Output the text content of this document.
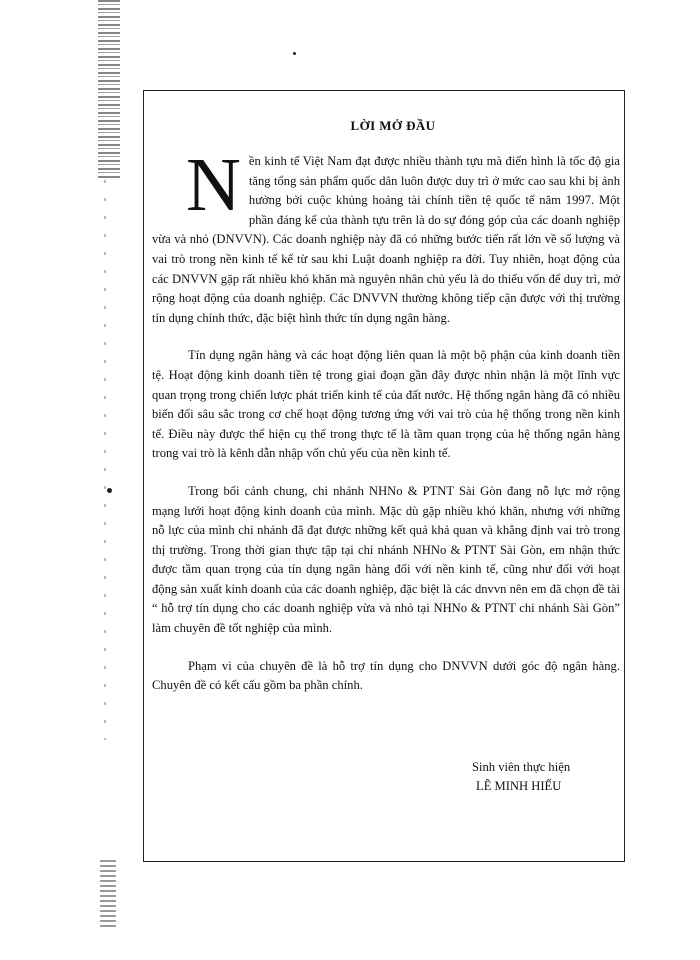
LỜI MỞ ĐẦU

Nền kinh tế Việt Nam đạt được nhiều thành tựu mà điển hình là tốc độ gia tăng tổng sản phẩm quốc dân luôn được duy trì ở mức cao sau khi bị ảnh hưởng bởi cuộc khủng hoảng tài chính tiền tệ quốc tế năm 1997. Một phần đáng kể của thành tựu trên là do sự đóng góp của các doanh nghiệp vừa và nhỏ (DNVVN). Các doanh nghiệp này đã có những bước tiến rất lớn về số lượng và vai trò trong nền kinh tế kể từ sau khi Luật doanh nghiệp ra đời. Tuy nhiên, hoạt động của các DNVVN gặp rất nhiều khó khăn mà nguyên nhân chủ yếu là do thiếu vốn để duy trì, mở rộng hoạt động của doanh nghiệp. Các DNVVN thường không tiếp cận được với thị trường tín dụng chính thức, đặc biệt hình thức tín dụng ngân hàng.

Tín dụng ngân hàng và các hoạt động liên quan là một bộ phận của kinh doanh tiền tệ. Hoạt động kinh doanh tiền tệ trong giai đoạn gần đây được nhìn nhận là một lĩnh vực quan trọng trong chiến lược phát triển kinh tế của đất nước. Hệ thống ngân hàng đã có nhiều biến đổi sâu sắc trong cơ chế hoạt động tương ứng với vai trò của hệ thống trong nền kinh tế. Điều này được thể hiện cụ thể trong thực tế là tầm quan trọng của hệ thống ngân hàng trong vai trò là kênh dẫn nhập vốn chủ yếu của nền kinh tế.

Trong bối cảnh chung, chi nhánh NHNo & PTNT Sài Gòn đang nỗ lực mở rộng mạng lưới hoạt động kinh doanh của mình. Mặc dù gặp nhiều khó khăn, nhưng với những nỗ lực của mình chi nhánh đã đạt được những kết quả khả quan và khẳng định vai trò trong thị trường. Trong thời gian thực tập tại chi nhánh NHNo & PTNT Sài Gòn, em nhận thức được tầm quan trọng của tín dụng ngân hàng đối với nền kinh tế, cũng như đối với hoạt động sản xuất kinh doanh của các doanh nghiệp, đặc biệt là các dnvvn nên em đã chọn đề tài “ hỗ trợ tín dụng cho các doanh nghiệp vừa và nhỏ tại NHNo & PTNT chi nhánh Sài Gòn” làm chuyên đề tốt nghiệp của mình.

Phạm vi của chuyên đề là hỗ trợ tín dụng cho DNVVN dưới góc độ ngân hàng. Chuyên đề có kết cấu gồm ba phần chính.

Sinh viên thực hiện
LÊ MINH HIẾU
